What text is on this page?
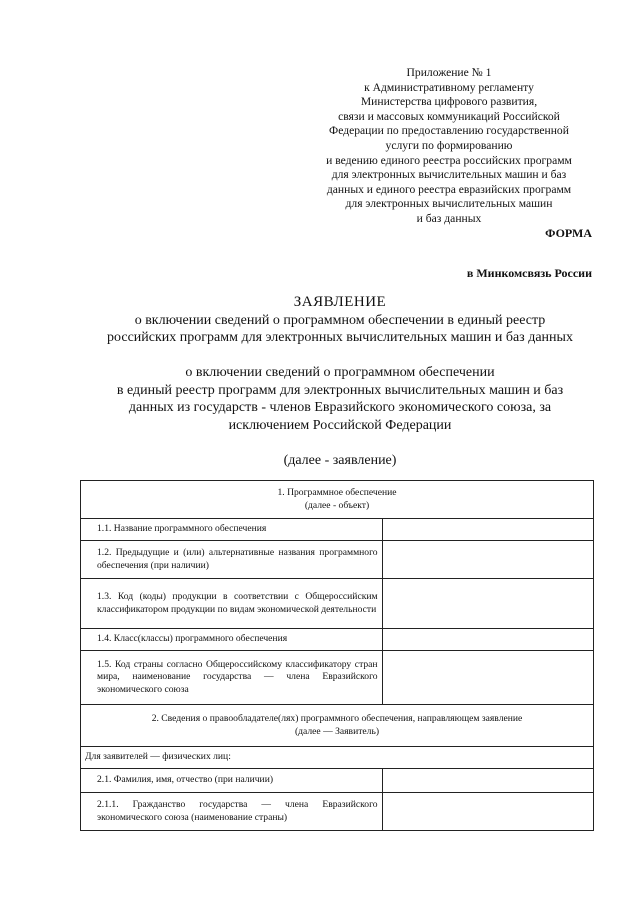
Приложение № 1
к Административному регламенту
Министерства цифрового развития,
связи и массовых коммуникаций Российской
Федерации по предоставлению государственной
услуги по формированию
и ведению единого реестра российских программ
для электронных вычислительных машин и баз
данных и единого реестра евразийских программ
для электронных вычислительных машин
и баз данных
ФОРМА
в Минкомсвязь России
ЗАЯВЛЕНИЕ
о включении сведений о программном обеспечении в единый реестр
российских программ для электронных вычислительных машин и баз данных
о включении сведений о программном обеспечении
в единый реестр программ для электронных вычислительных машин и баз
данных из государств - членов Евразийского экономического союза, за
исключением Российской Федерации
(далее - заявление)
1. Программное обеспечение
(далее - объект)	

1.1. Название программного обеспечения	

1.2. Предыдущие и (или) альтернативные названия программного обеспечения (при наличии)	

1.3. Код (коды) продукции в соответствии с Общероссийским классификатором продукции по видам экономической деятельности	

1.4. Класс(классы) программного обеспечения	

1.5. Код страны согласно Общероссийскому классификатору стран мира, наименование государства — члена Евразийского экономического союза	

2. Сведения о правообладателе(лях) программного обеспечения, направляющем заявление
(далее — Заявитель)	

Для заявителей — физических лиц:	

2.1. Фамилия, имя, отчество (при наличии)	

2.1.1. Гражданство государства — члена Евразийского экономического союза (наименование страны)	
